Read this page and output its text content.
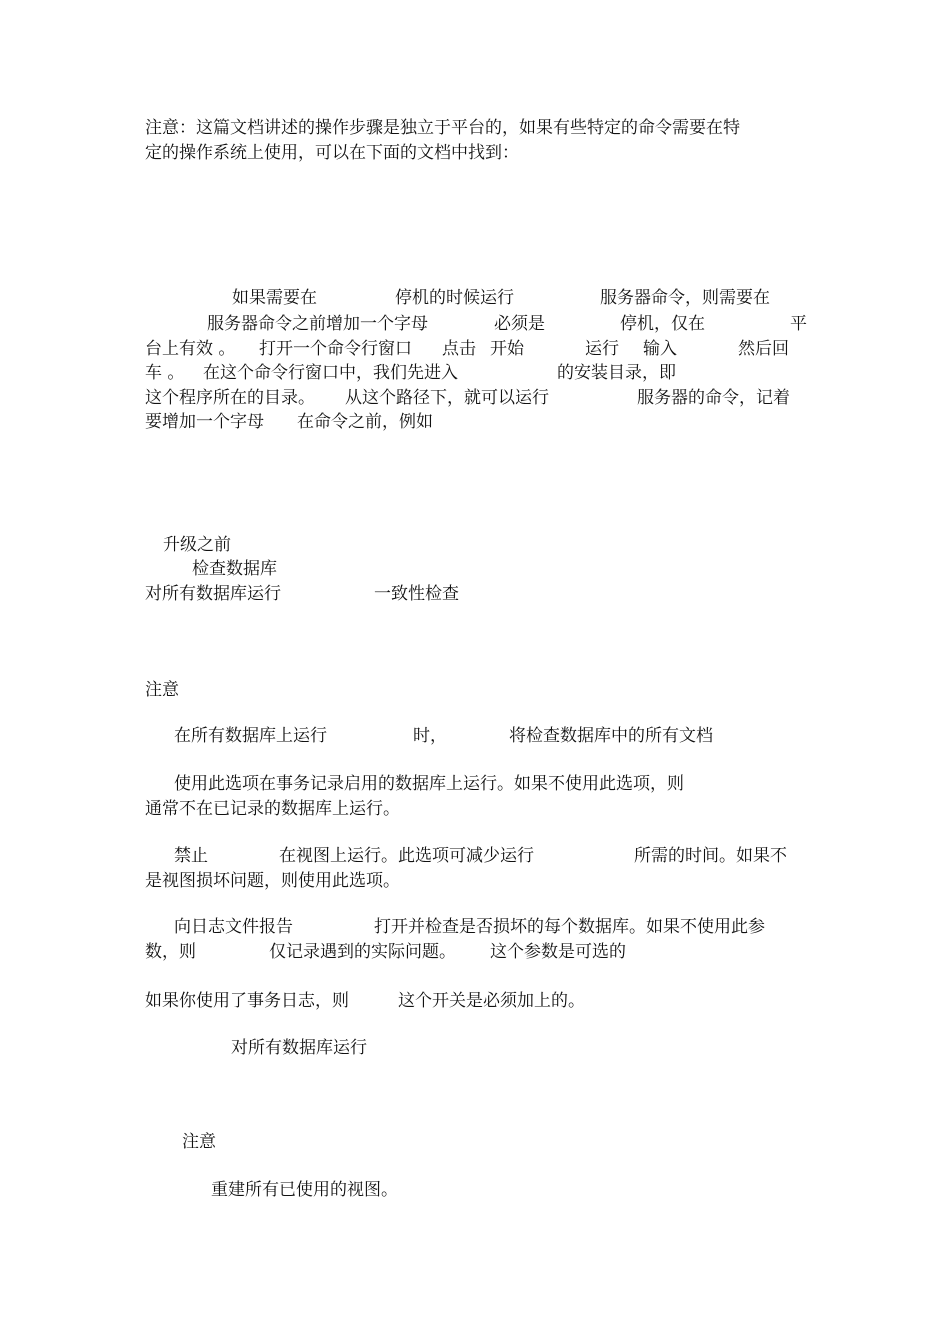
注意：这篇文档讲述的操作步骤是独立于平台的，如果有些特定的命令需要在特
定的操作系统上使用，可以在下面的文档中找到：
如果需要在	停机的时候运行	服务器命令，则需要在
服务器命令之前增加一个字母	必须是	停机，仅在	平
台上有效 。 打开一个命令行窗口 点击 开始	运行 输入	然后回
车 。 在这个命令行窗口中，我们先进入	的安装目录，即
这个程序所在的目录。 从这个路径下，就可以运行	服务器的命令，记着
要增加一个字母 在命令之前，例如
升级之前
检查数据库
对所有数据库运行	一致性检查
注意
在所有数据库上运行	时，	将检查数据库中的所有文档
使用此选项在事务记录启用的数据库上运行。如果不使用此选项，则
通常不在已记录的数据库上运行。
禁止	在视图上运行。此选项可减少运行	所需的时间。如果不
是视图损坏问题，则使用此选项。
向日志文件报告	打开并检查是否损坏的每个数据库。如果不使用此参
数，则	仅记录遇到的实际问题。 这个参数是可选的
如果你使用了事务日志，则	这个开关是必须加上的。
对所有数据库运行
注意
重建所有已使用的视图。
